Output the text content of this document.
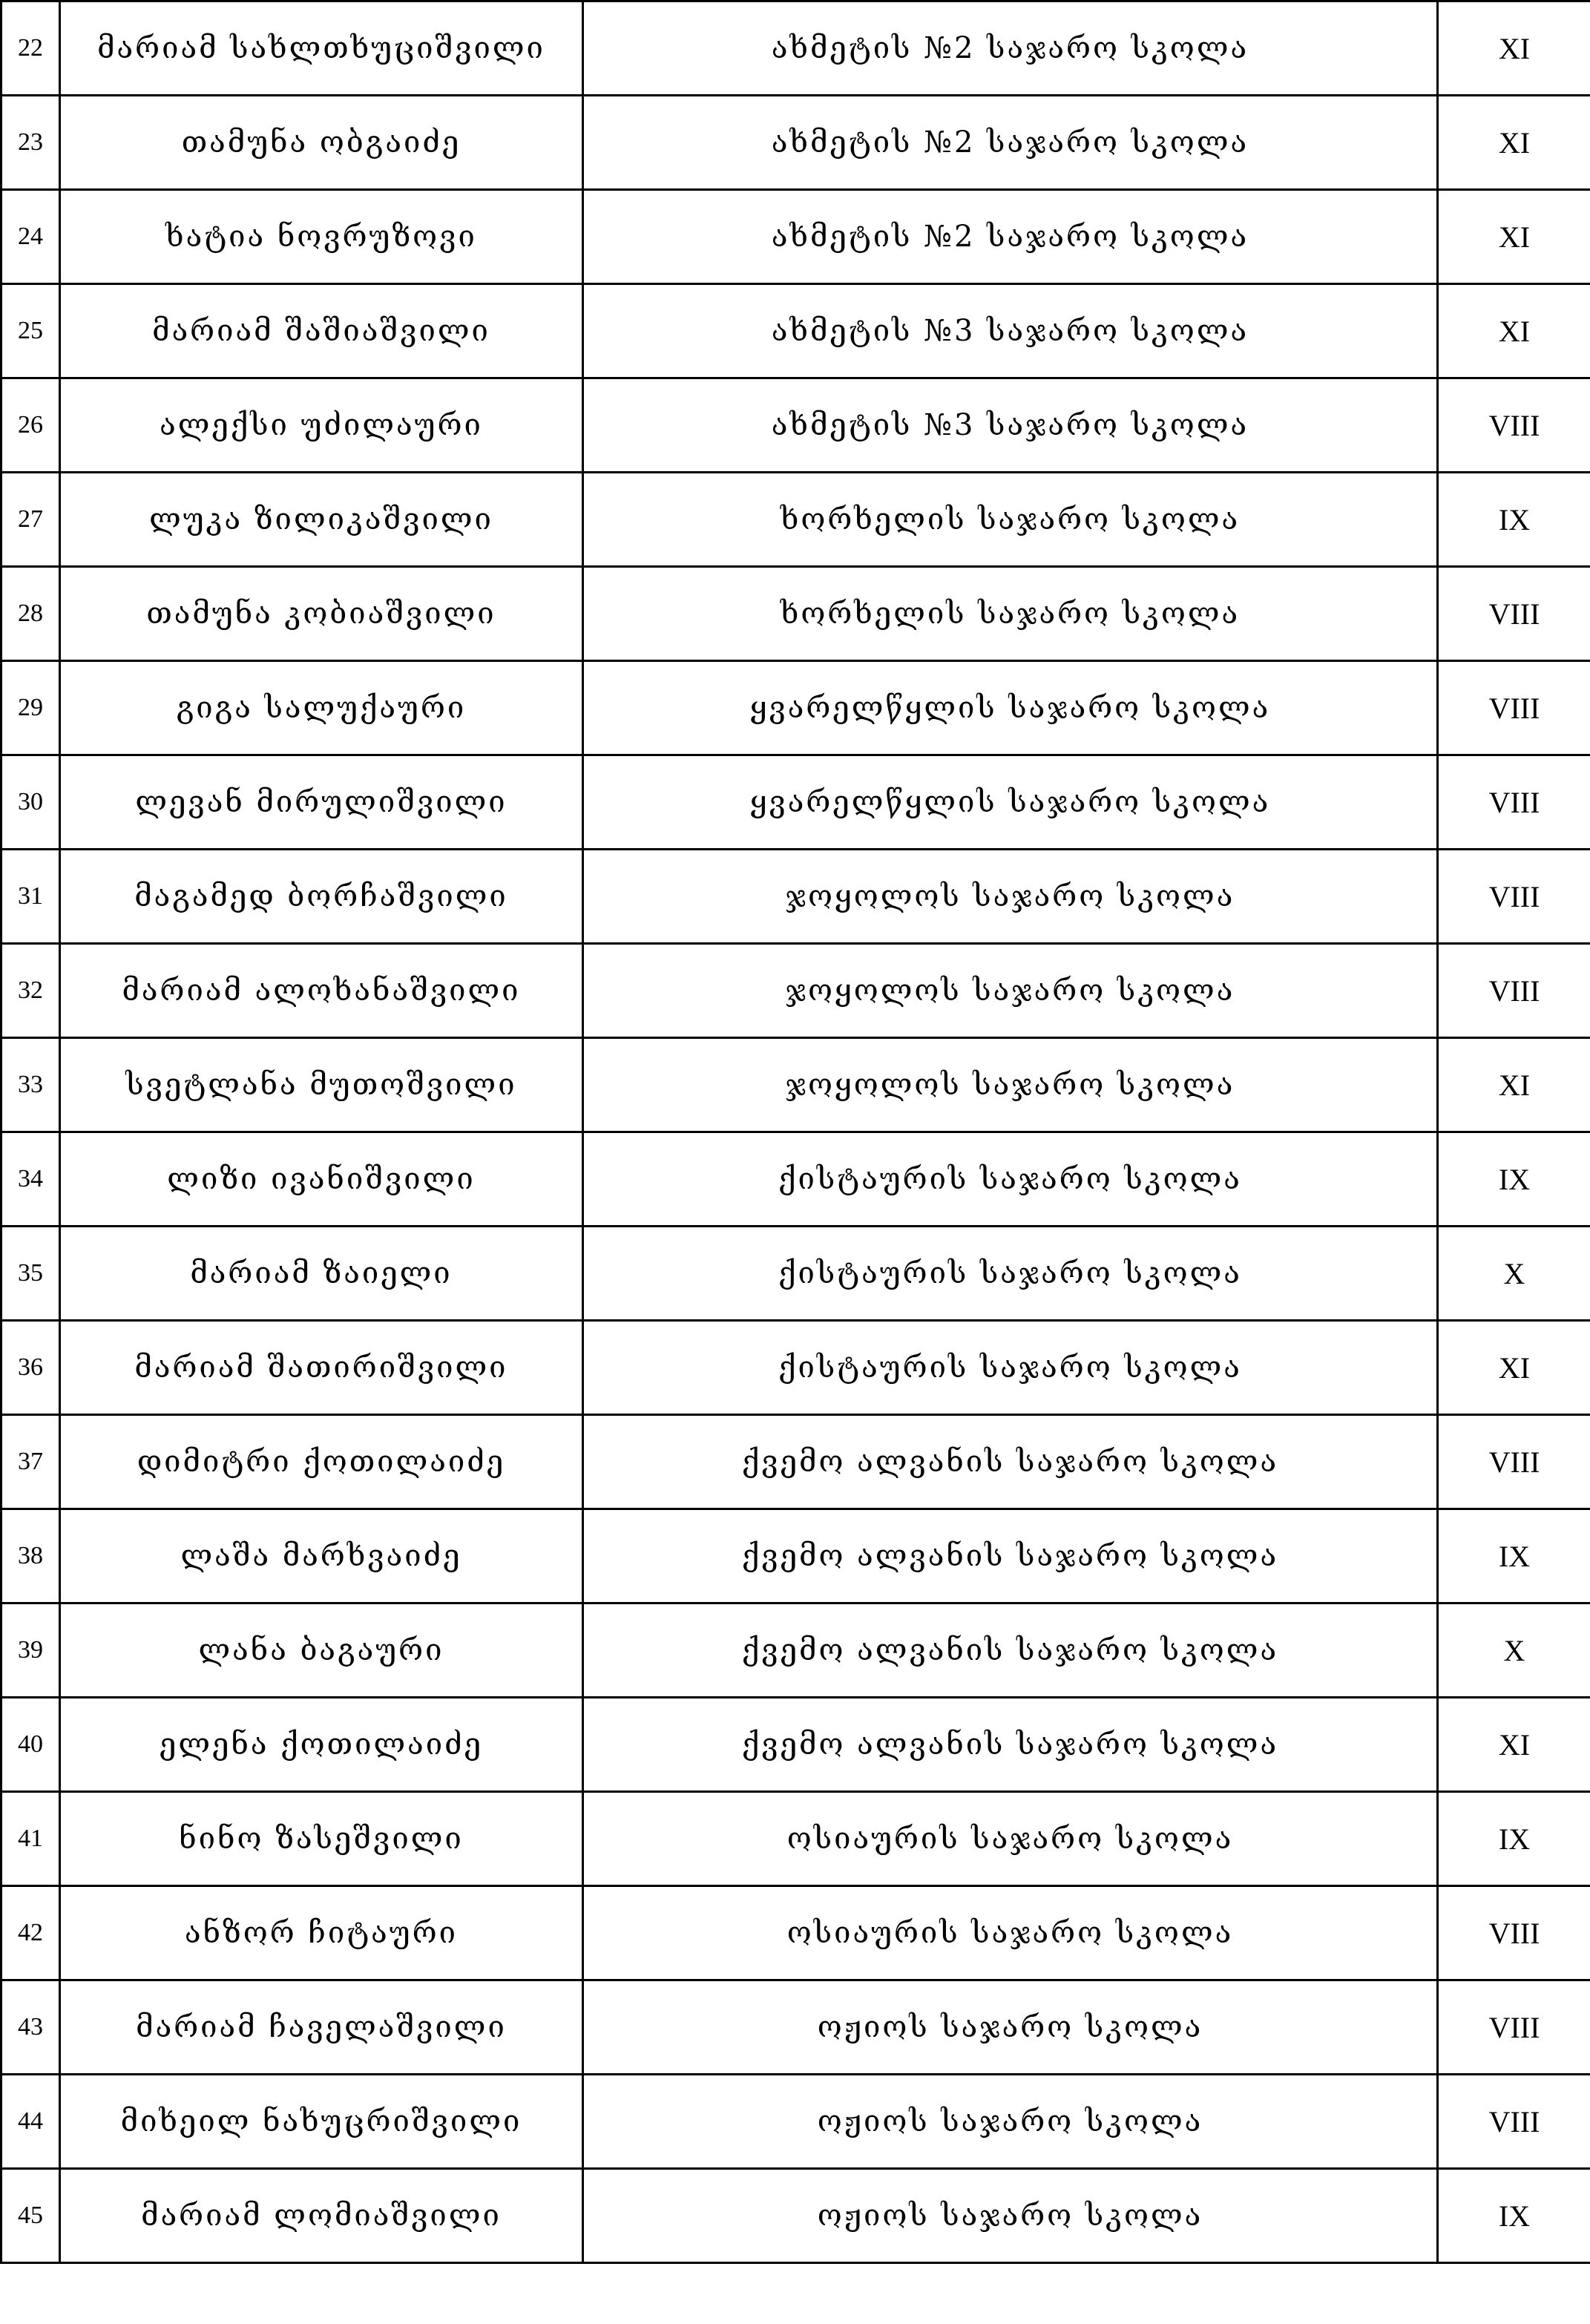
22	მარიამ სახლთხუციშვილი	ახმეტის №2 საჯარო სკოლა	XI
23	თამუნა ობგაიძე	ახმეტის №2 საჯარო სკოლა	XI
24	ხატია ნოვრუზოვი	ახმეტის №2 საჯარო სკოლა	XI
25	მარიამ შაშიაშვილი	ახმეტის №3 საჯარო სკოლა	XI
26	ალექსი უძილაური	ახმეტის №3 საჯარო სკოლა	VIII
27	ლუკა ზილიკაშვილი	ხორხელის საჯარო სკოლა	IX
28	თამუნა კობიაშვილი	ხორხელის საჯარო სკოლა	VIII
29	გიგა სალუქაური	ყვარელწყლის საჯარო სკოლა	VIII
30	ლევან მირულიშვილი	ყვარელწყლის საჯარო სკოლა	VIII
31	მაგამედ ბორჩაშვილი	ჯოყოლოს საჯარო სკოლა	VIII
32	მარიამ ალოხანაშვილი	ჯოყოლოს საჯარო სკოლა	VIII
33	სვეტლანა მუთოშვილი	ჯოყოლოს საჯარო სკოლა	XI
34	ლიზი ივანიშვილი	ქისტაურის საჯარო სკოლა	IX
35	მარიამ ზაიელი	ქისტაურის საჯარო სკოლა	X
36	მარიამ შათირიშვილი	ქისტაურის საჯარო სკოლა	XI
37	დიმიტრი ქოთილაიძე	ქვემო ალვანის საჯარო სკოლა	VIII
38	ლაშა მარხვაიძე	ქვემო ალვანის საჯარო სკოლა	IX
39	ლანა ბაგაური	ქვემო ალვანის საჯარო სკოლა	X
40	ელენა ქოთილაიძე	ქვემო ალვანის საჯარო სკოლა	XI
41	ნინო ზასეშვილი	ოსიაურის საჯარო სკოლა	IX
42	ანზორ ჩიტაური	ოსიაურის საჯარო სკოლა	VIII
43	მარიამ ჩაველაშვილი	ოჟიოს საჯარო სკოლა	VIII
44	მიხეილ ნახუცრიშვილი	ოჟიოს საჯარო სკოლა	VIII
45	მარიამ ლომიაშვილი	ოჟიოს საჯარო სკოლა	IX
